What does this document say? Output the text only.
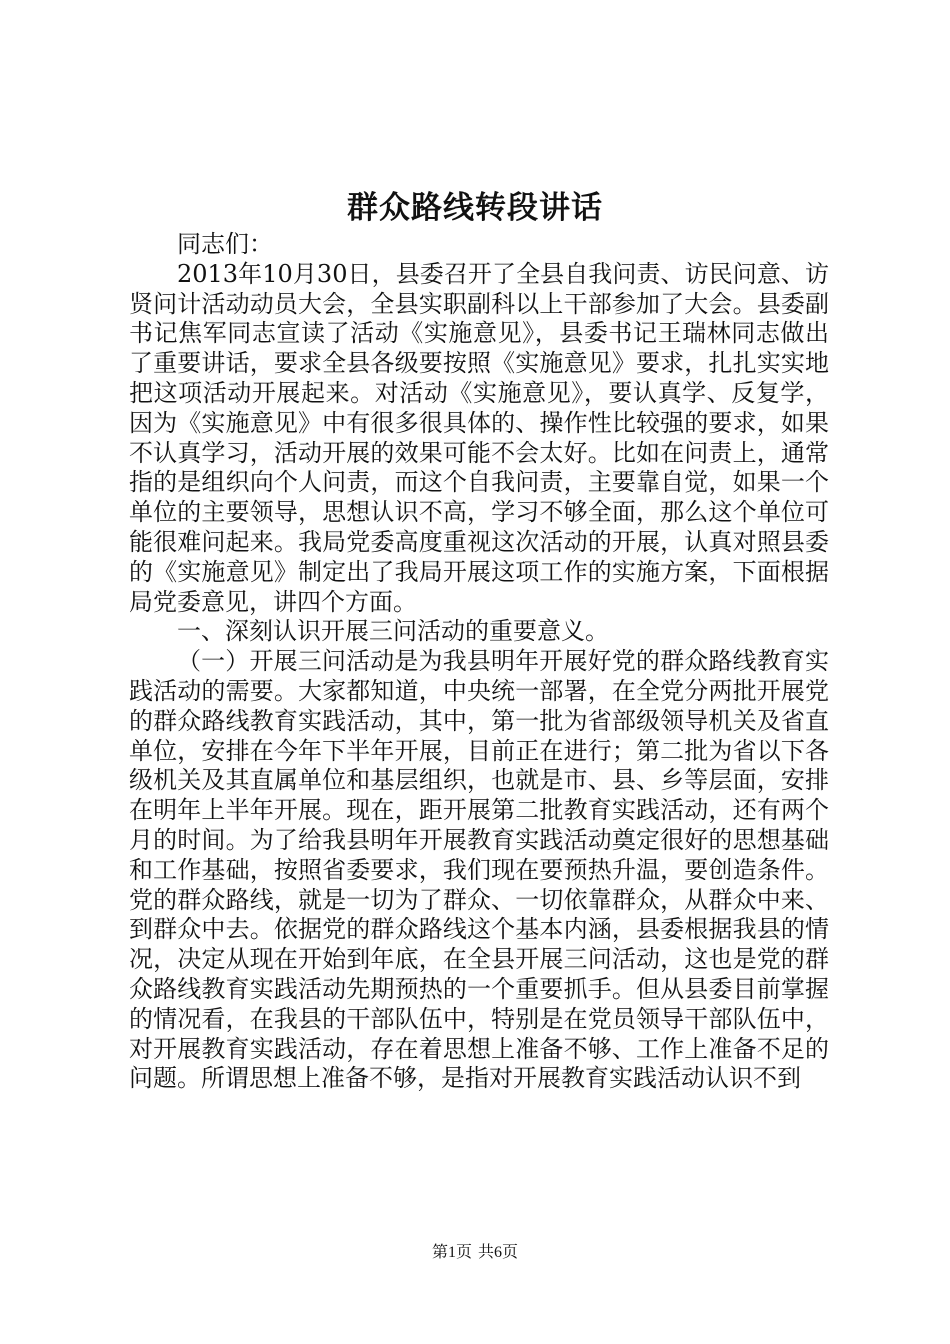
群众路线转段讲话

同志们：

2013年10月30日，县委召开了全县自我问责、访民问意、访贤问计活动动员大会，全县实职副科以上干部参加了大会。县委副书记焦军同志宣读了活动《实施意见》，县委书记王瑞林同志做出了重要讲话，要求全县各级要按照《实施意见》要求，扎扎实实地把这项活动开展起来。对活动《实施意见》，要认真学、反复学，因为《实施意见》中有很多很具体的、操作性比较强的要求，如果不认真学习，活动开展的效果可能不会太好。比如在问责上，通常指的是组织向个人问责，而这个自我问责，主要靠自觉，如果一个单位的主要领导，思想认识不高，学习不够全面，那么这个单位可能很难问起来。我局党委高度重视这次活动的开展，认真对照县委的《实施意见》制定出了我局开展这项工作的实施方案，下面根据局党委意见，讲四个方面。

一、深刻认识开展三问活动的重要意义。

（一）开展三问活动是为我县明年开展好党的群众路线教育实践活动的需要。大家都知道，中央统一部署，在全党分两批开展党的群众路线教育实践活动，其中，第一批为省部级领导机关及省直单位，安排在今年下半年开展，目前正在进行；第二批为省以下各级机关及其直属单位和基层组织，也就是市、县、乡等层面，安排在明年上半年开展。现在，距开展第二批教育实践活动，还有两个月的时间。为了给我县明年开展教育实践活动奠定很好的思想基础和工作基础，按照省委要求，我们现在要预热升温，要创造条件。党的群众路线，就是一切为了群众、一切依靠群众，从群众中来、到群众中去。依据党的群众路线这个基本内涵，县委根据我县的情况，决定从现在开始到年底，在全县开展三问活动，这也是党的群众路线教育实践活动先期预热的一个重要抓手。但从县委目前掌握的情况看，在我县的干部队伍中，特别是在党员领导干部队伍中，对开展教育实践活动，存在着思想上准备不够、工作上准备不足的问题。所谓思想上准备不够，是指对开展教育实践活动认识不到

第1页 共6页
